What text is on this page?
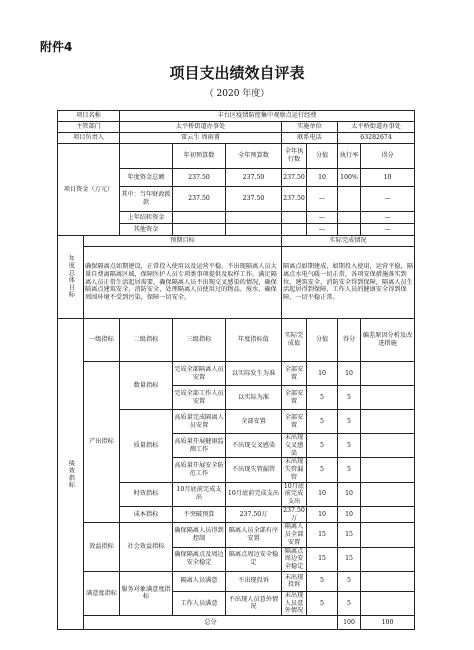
附件4
项目支出绩效自评表
（ 2020 年度）
项目名称		丰台区疫情防控集中观察点运行经费							
主管部门		太平桥街道办事处			实施单位		太平桥街道办事处		
项目负责人		雷云生 周雨甫			联系电话		63282674		
项目资金（万元）			年初预算数	全年预算数	全年执行数	分值	执行率	得分	
		年度资金总额	237.50	237.50	237.50	10	100%	10	
		其中：当年财政拨款	237.50	237.50	237.50	—		—	
		上年结转资金				—		—	
		其他资金				—		—	

年度总体目标	预期目标				实际完成情况				
	确保隔离点如期建设，正常投入使用以及运营平稳，不出现隔离人员大量自费离隔离区域，保障医护人员专项类事项提供及取样工作，满足隔离人员正常生活起居需要，确保隔离人员不出现交叉感染的情况，确保隔离点建筑安全，消防安全，处理隔离人员使用过的物品、废水，确保周围环境不受到污染，保障一切安全。				隔离点如期建成，如期投入使用，运营平稳，隔离点水电气暖一切正常，各项安保措施落实到位，建筑安全，消防安全得到保障，隔离人员生活起居得到保障，工作人员的健康安全得到保障，一切平稳正常。				

绩效指标	一级指标	二级指标	三级指标	年度指标值	实际完成值	分值	得分	偏差原因分析及改进措施	
	产出指标	数量指标	完成全部隔离人员安置	以实际发生为准	全部安置	10	10		
			完成全部工作人员安置	以实际为准	全部安置	5	5		
		质量指标	高质量完成隔离人员安置	全部安置	全部安置	5	5		
			高质量开展健康监测工作	不出现交叉感染	未出现交叉感染	5	5		
			高质量开展安全防范工作	不出现失管漏管	未出现失管漏管	5	5		
		时效指标	10月底前完成支出	10月底前完成支出	10月底前完成支出	10	10		
		成本指标	不突破预算	237.50万	237.50万	10	10		
	效益指标	社会效益指标	确保隔离人员得到控制	隔离人员全部有序安置	隔离人员全部安置	15	15		
			确保隔离点及周边安全稳定	隔离点周边安全稳定	隔离点周边安全稳定	15	15		
	满意度指标	服务对象满意度指标	隔离人员满意	不出现投诉	未出现投诉	5	5		
			工作人员满意	不出现人员意外情况	未出现人员意外情况	5	5		
	总分						100	100	
